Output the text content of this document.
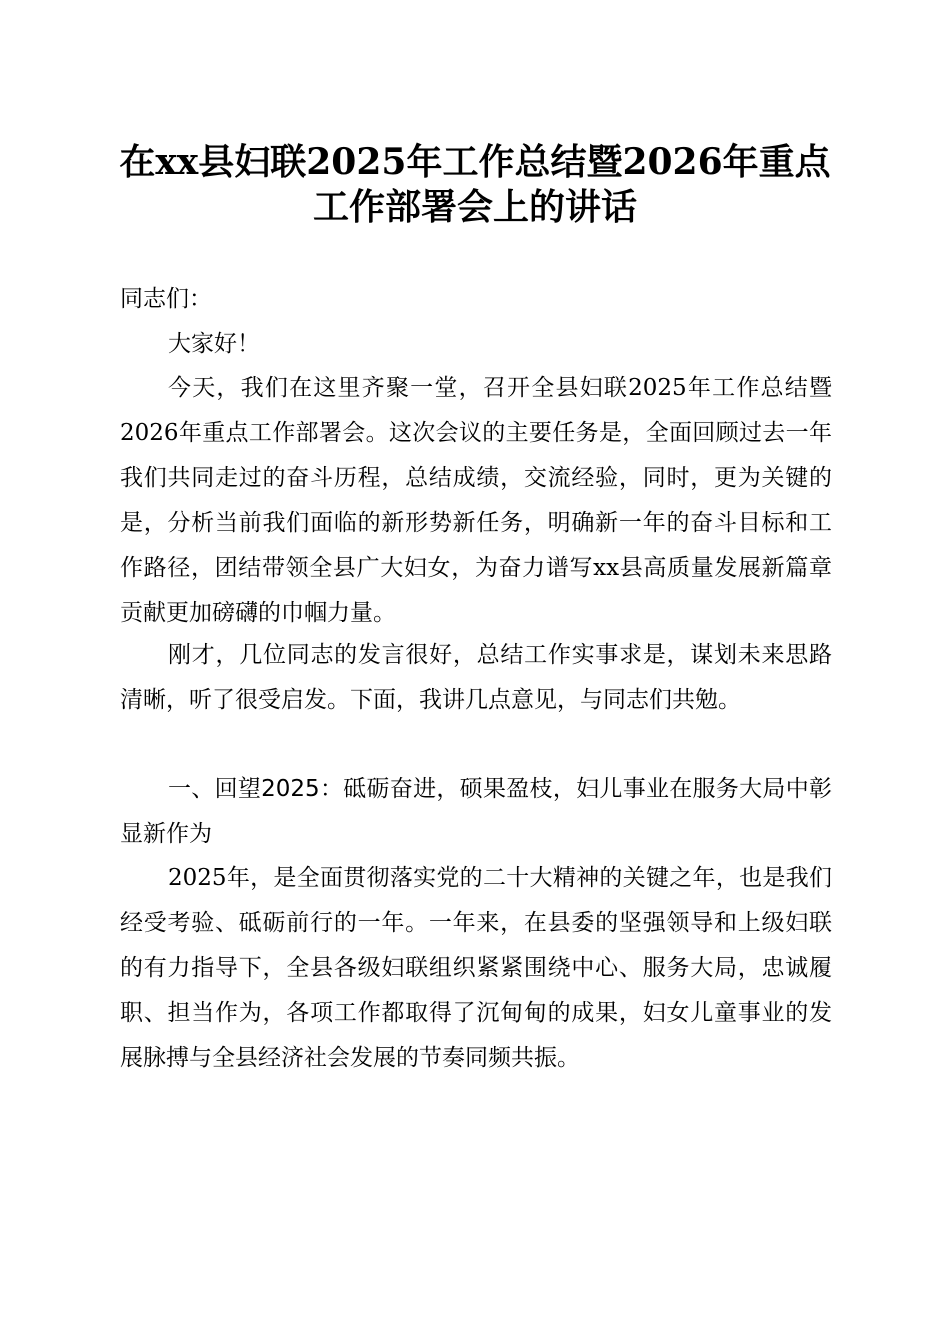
在xx县妇联2025年工作总结暨2026年重点
工作部署会上的讲话

同志们：

大家好！

今天，我们在这里齐聚一堂，召开全县妇联2025年工作总结暨2026年重点工作部署会。这次会议的主要任务是，全面回顾过去一年我们共同走过的奋斗历程，总结成绩，交流经验，同时，更为关键的是，分析当前我们面临的新形势新任务，明确新一年的奋斗目标和工作路径，团结带领全县广大妇女，为奋力谱写xx县高质量发展新篇章贡献更加磅礴的巾帼力量。

刚才，几位同志的发言很好，总结工作实事求是，谋划未来思路清晰，听了很受启发。下面，我讲几点意见，与同志们共勉。

一、回望2025：砥砺奋进，硕果盈枝，妇儿事业在服务大局中彰显新作为

2025年，是全面贯彻落实党的二十大精神的关键之年，也是我们经受考验、砥砺前行的一年。一年来，在县委的坚强领导和上级妇联的有力指导下，全县各级妇联组织紧紧围绕中心、服务大局，忠诚履职、担当作为，各项工作都取得了沉甸甸的成果，妇女儿童事业的发展脉搏与全县经济社会发展的节奏同频共振。
